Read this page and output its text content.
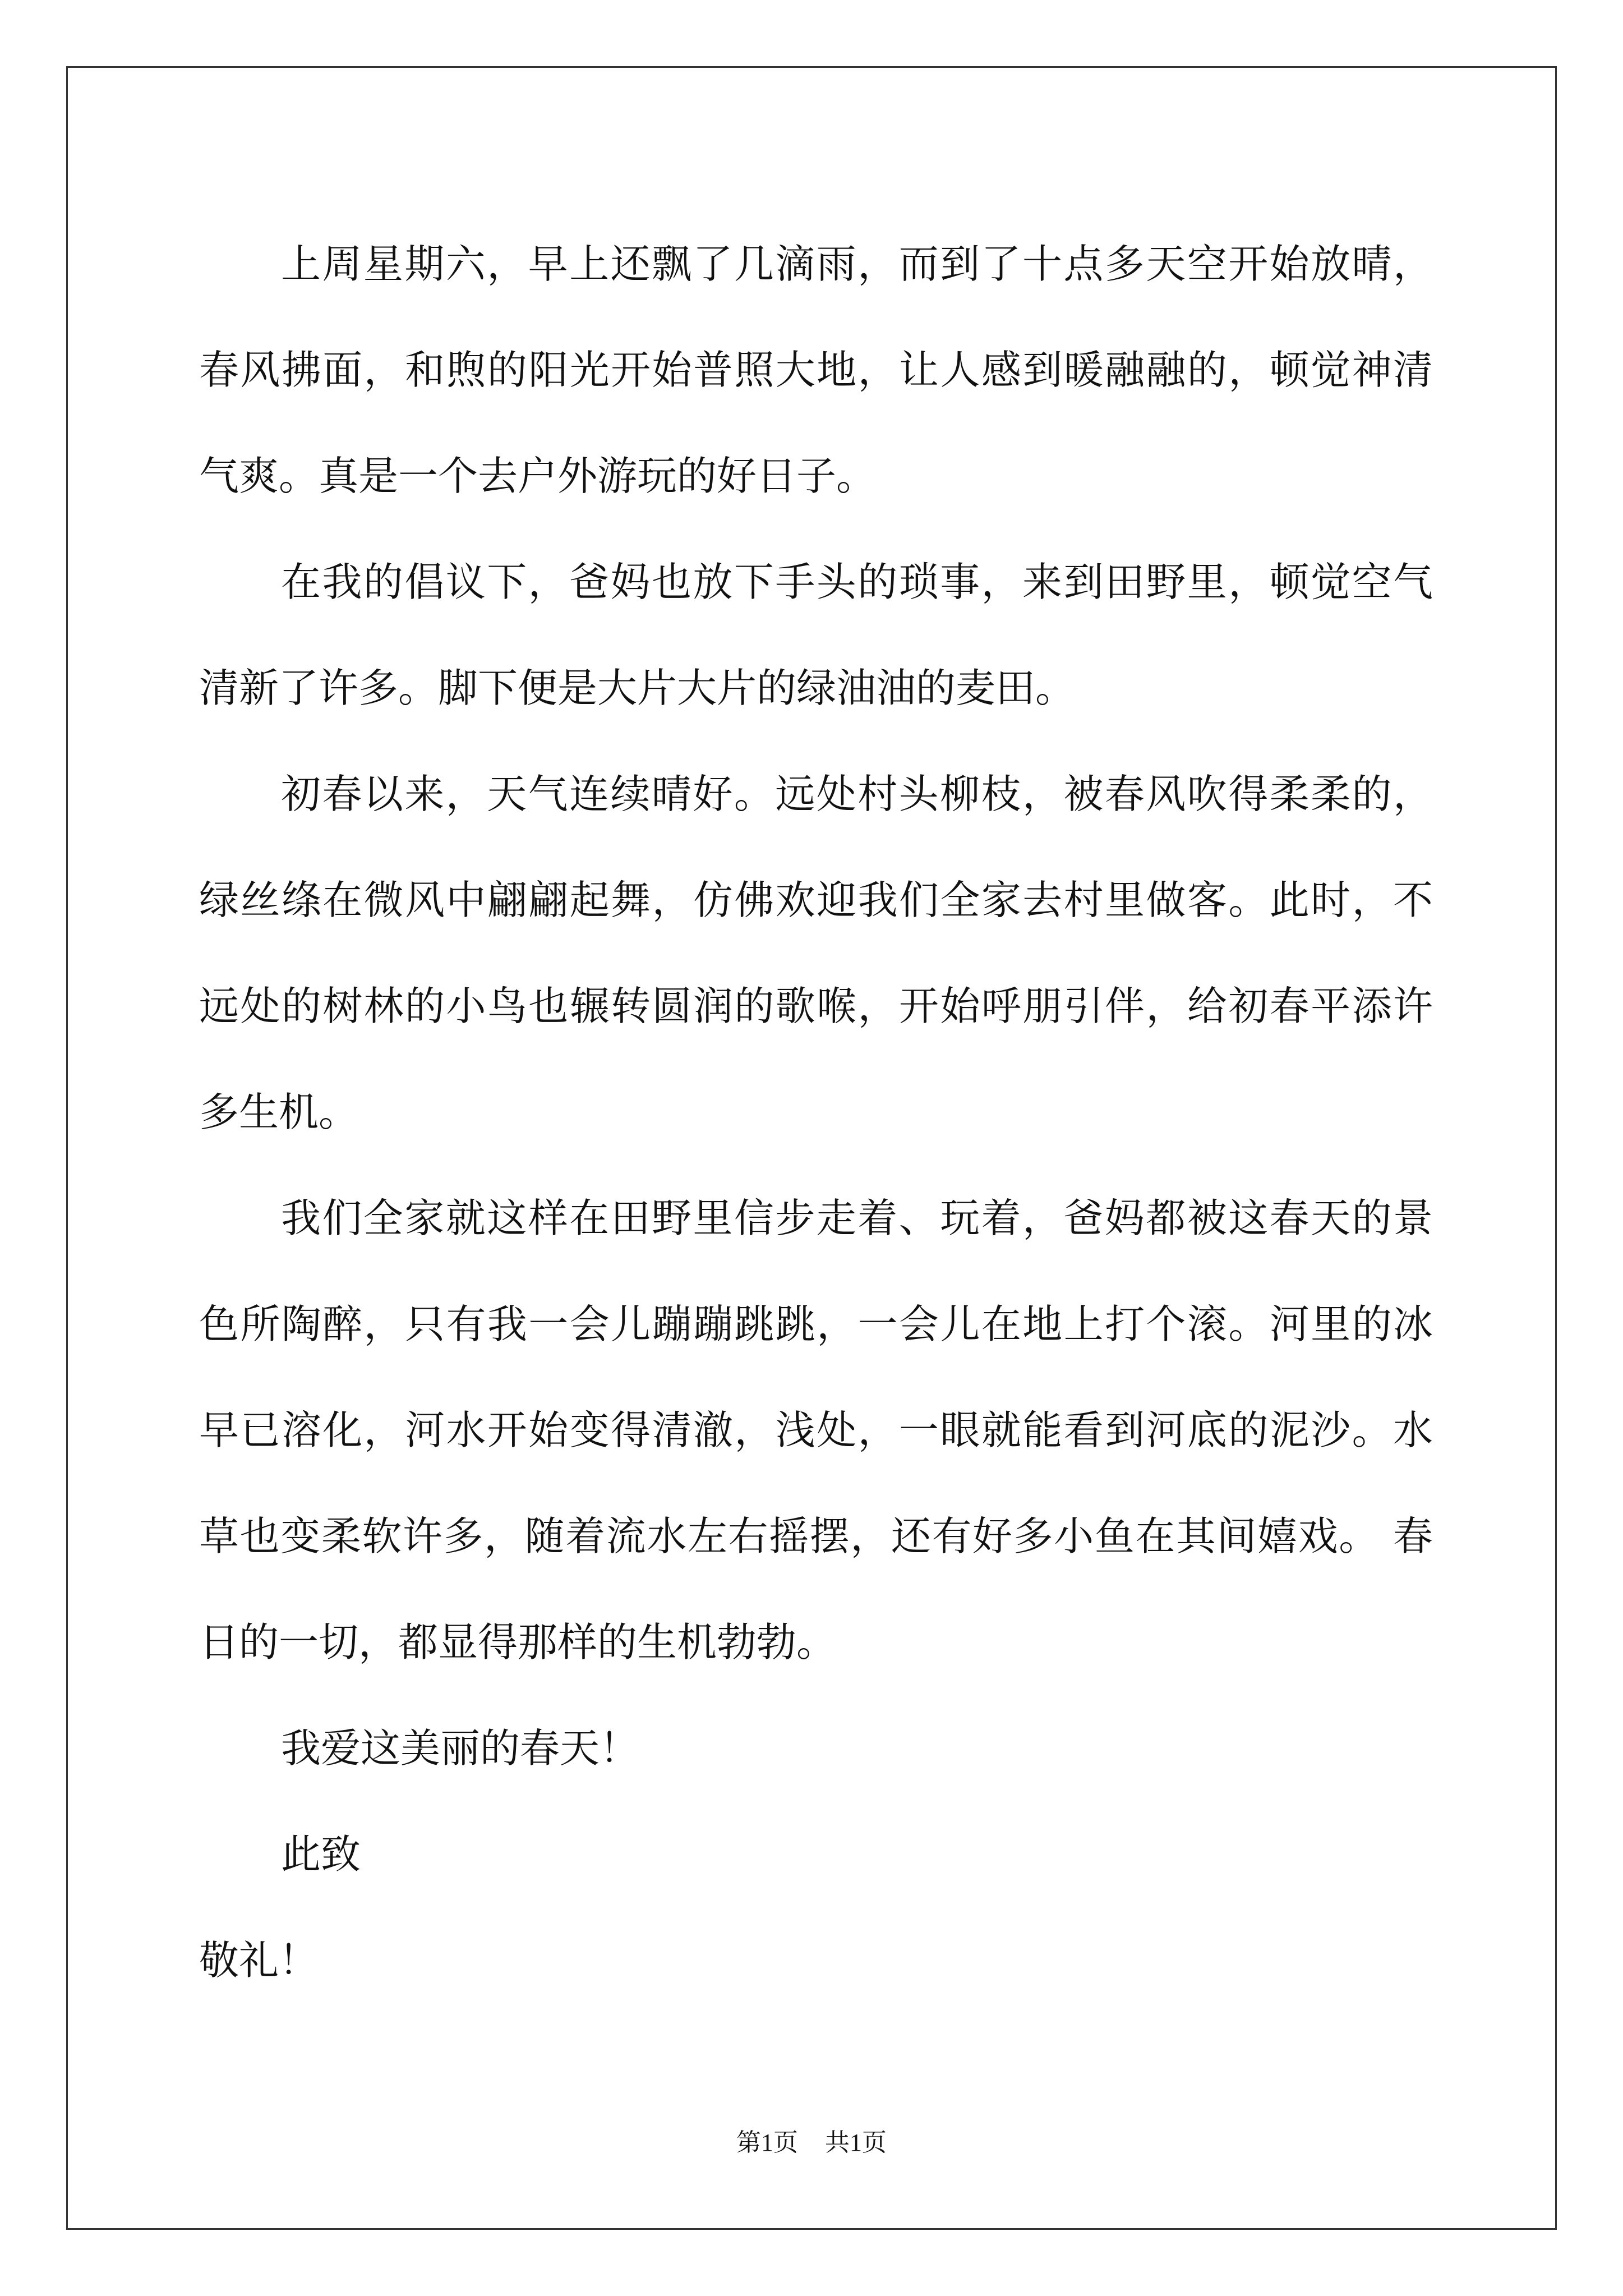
上周星期六，早上还飘了几滴雨，而到了十点多天空开始放晴，春风拂面，和煦的阳光开始普照大地，让人感到暖融融的，顿觉神清气爽。真是一个去户外游玩的好日子。

在我的倡议下，爸妈也放下手头的琐事，来到田野里，顿觉空气清新了许多。脚下便是大片大片的绿油油的麦田。

初春以来，天气连续晴好。远处村头柳枝，被春风吹得柔柔的，绿丝绦在微风中翩翩起舞，仿佛欢迎我们全家去村里做客。此时，不远处的树林的小鸟也辗转圆润的歌喉，开始呼朋引伴，给初春平添许多生机。

我们全家就这样在田野里信步走着、玩着，爸妈都被这春天的景色所陶醉，只有我一会儿蹦蹦跳跳，一会儿在地上打个滚。河里的冰早已溶化，河水开始变得清澈，浅处，一眼就能看到河底的泥沙。水草也变柔软许多，随着流水左右摇摆，还有好多小鱼在其间嬉戏。 春日的一切，都显得那样的生机勃勃。

我爱这美丽的春天！

此致

敬礼！

第1页 共1页
